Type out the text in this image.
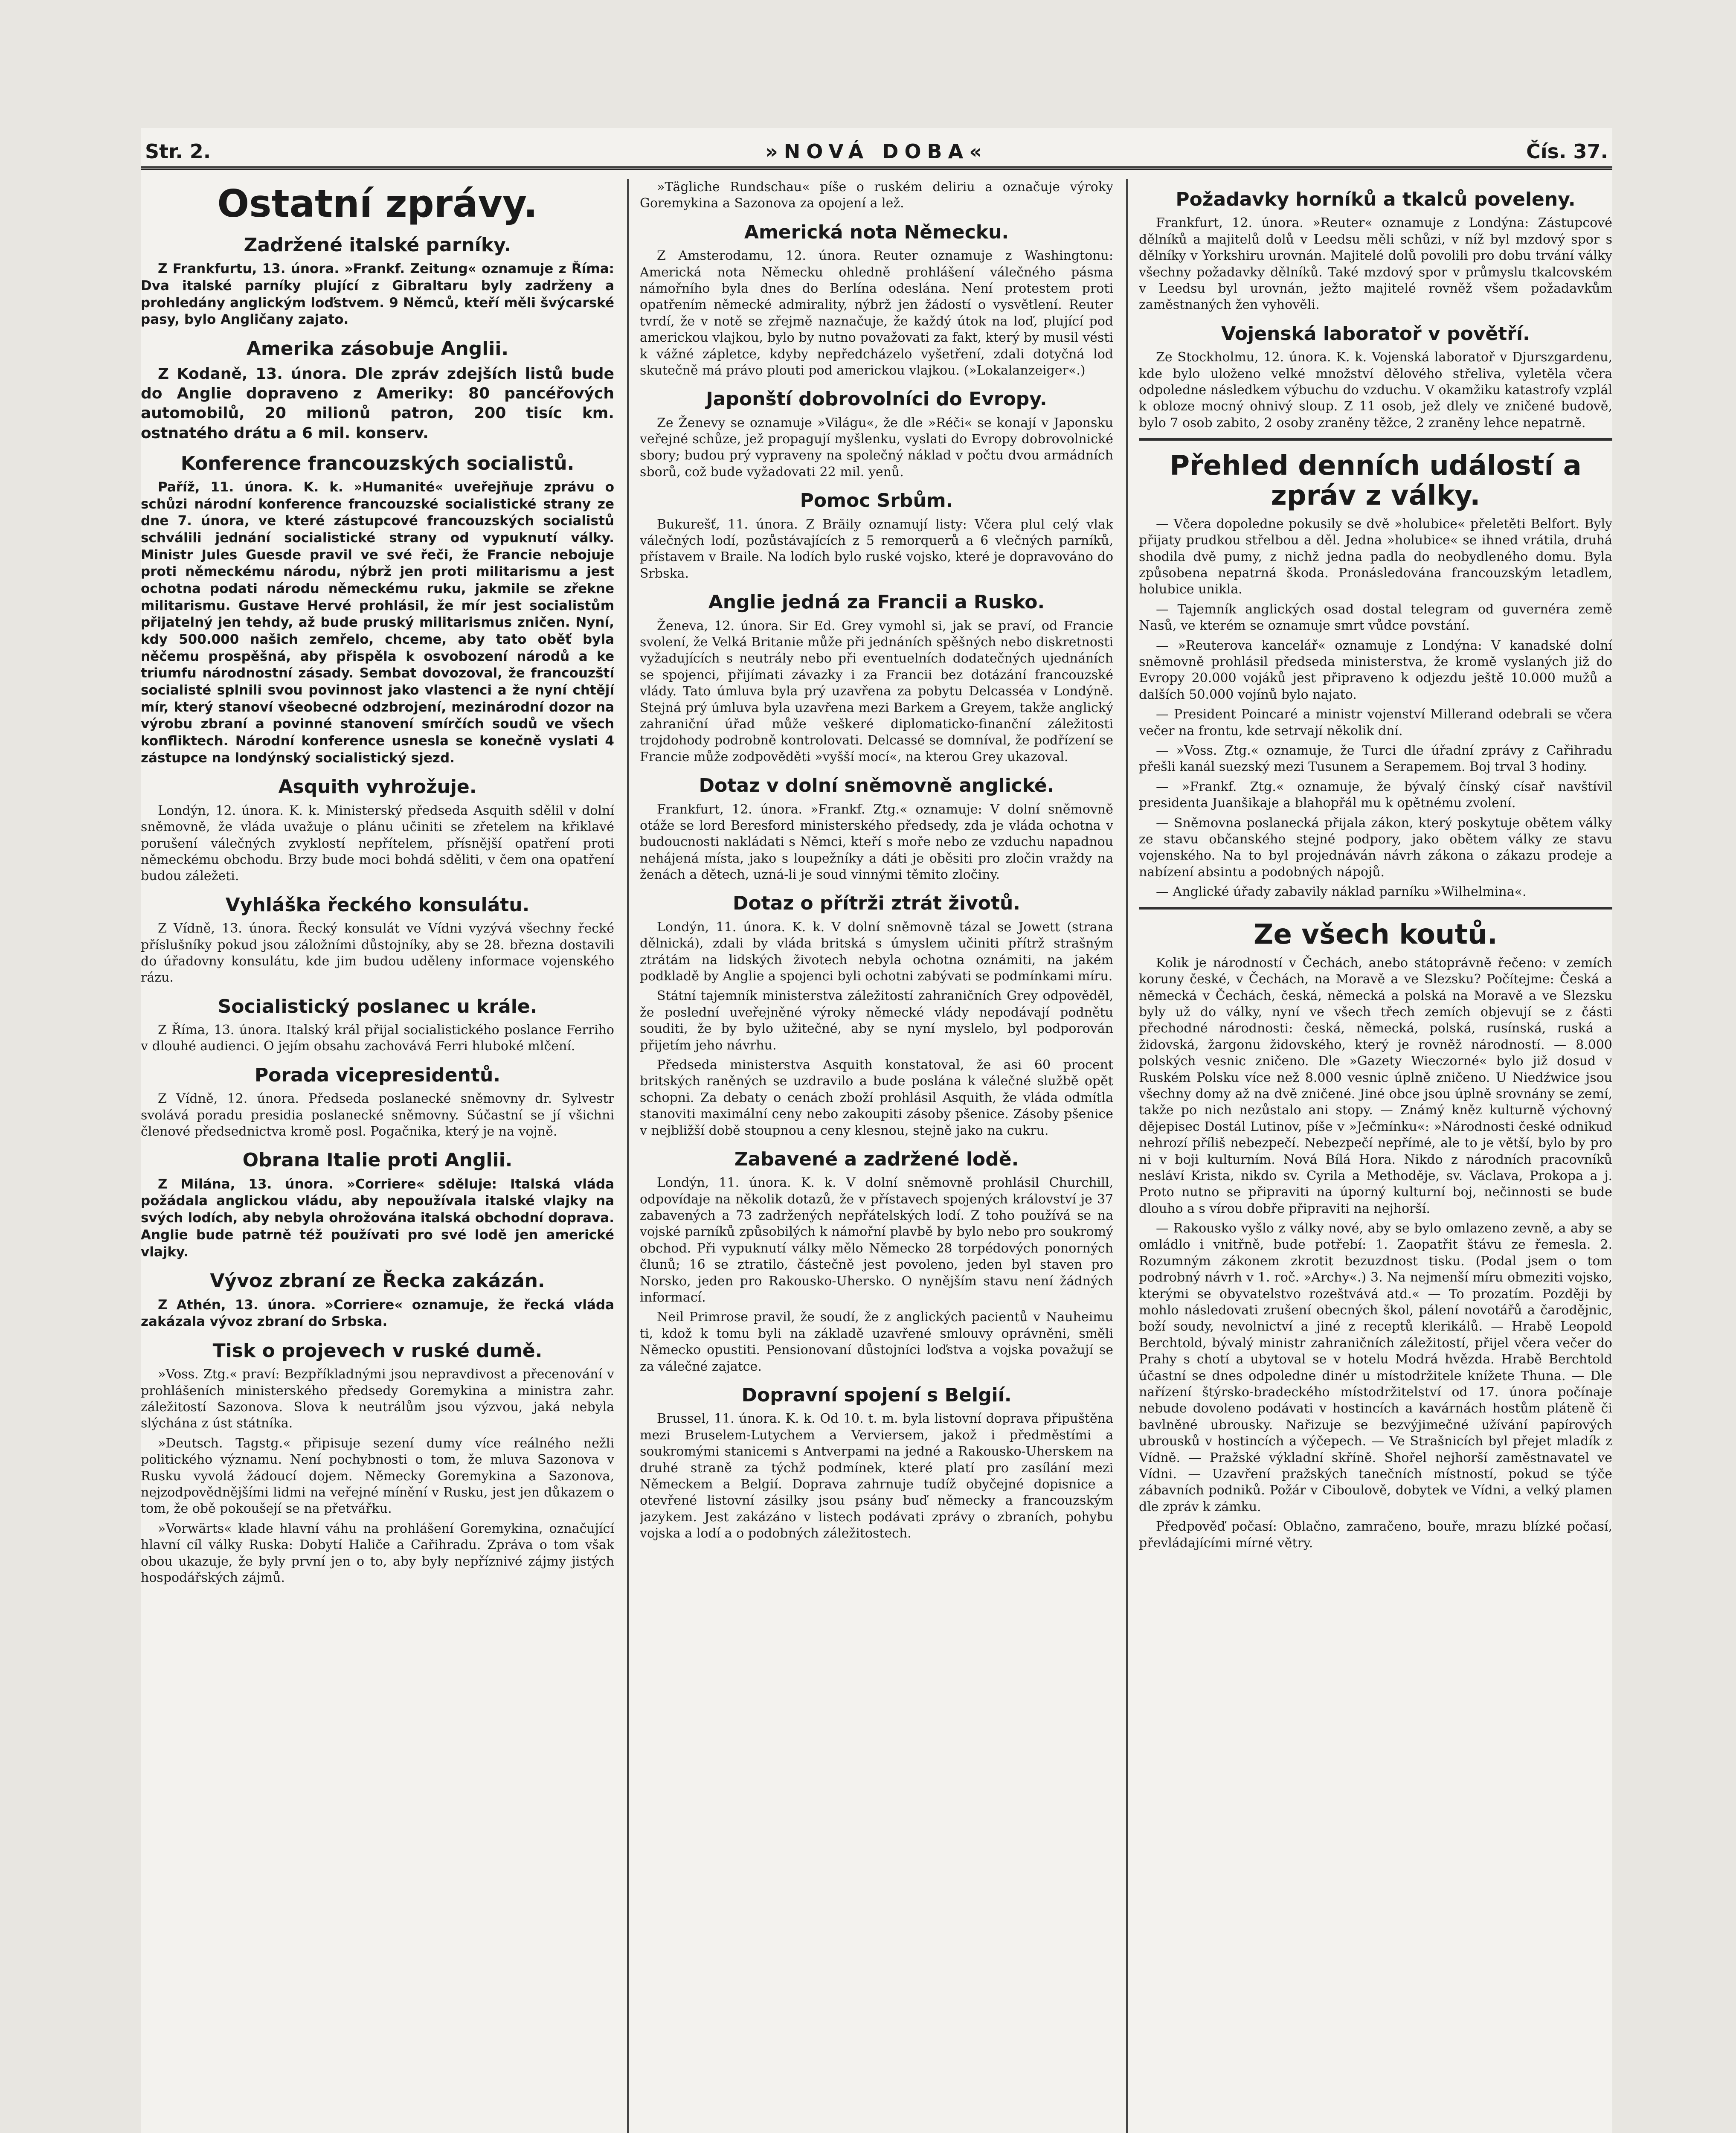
Str. 2.	»NOVÁ DOBA«	Čís. 37.
Ostatní zprávy.
Zadržené italské parníky.

Z Frankfurtu, 13. února. »Frankf. Zeitung« oznamuje z Říma: Dva italské parníky plující z Gibraltaru byly zadrženy a prohledány anglickým loďstvem. 9 Němců, kteří měli švýcarské pasy, bylo Angličany zajato.

Amerika zásobuje Anglii.

Z Kodaně, 13. února. Dle zpráv zdejších listů bude do Anglie dopraveno z Ameriky: 80 pancéřových automobilů, 20 milionů patron, 200 tisíc km. ostnatého drátu a 6 mil. konserv.

Konference francouzských socialistů.

Paříž, 11. února. K. k. »Humanité« uveřejňuje zprávu o schůzi národní konference francouzské socialistické strany ze dne 7. února, ve které zástupcové francouzských socialistů schválili jednání socialistické strany od vypuknutí války. Ministr Jules Guesde pravil ve své řeči, že Francie nebojuje proti německému národu, nýbrž jen proti militarismu a jest ochotna podati národu německému ruku, jakmile se zřekne militarismu. Gustave Hervé prohlásil, že mír jest socialistům přijatelný jen tehdy, až bude pruský militarismus zničen. Nyní, kdy 500.000 našich zemřelo, chceme, aby tato oběť byla něčemu prospěšná, aby přispěla k osvobození národů a ke triumfu národnostní zásady. Sembat dovozoval, že francouzští socialisté splnili svou povinnost jako vlastenci a že nyní chtějí mír, který stanoví všeobecné odzbrojení, mezinárodní dozor na výrobu zbraní a povinné stanovení smírčích soudů ve všech konfliktech. Národní konference usnesla se konečně vyslati 4 zástupce na londýnský socialistický sjezd.

Asquith vyhrožuje.

Londýn, 12. února. K. k. Ministerský předseda Asquith sdělil v dolní sněmovně, že vláda uvažuje o plánu učiniti se zřetelem na křiklavé porušení válečných zvyklostí nepřítelem, přísnější opatření proti německému obchodu. Brzy bude moci bohdá sděliti, v čem ona opatření budou záležeti.

Vyhláška řeckého konsulátu.

Z Vídně, 13. února. Řecký konsulát ve Vídni vyzývá všechny řecké příslušníky pokud jsou záložními důstojníky, aby se 28. března dostavili do úřadovny konsulátu, kde jim budou uděleny informace vojenského rázu.

Socialistický poslanec u krále.

Z Říma, 13. února. Italský král přijal socialistického poslance Ferriho v dlouhé audienci. O jejím obsahu zachovává Ferri hluboké mlčení.

Porada vicepresidentů.

Z Vídně, 12. února. Předseda poslanecké sněmovny dr. Sylvestr svolává poradu presidia poslanecké sněmovny. Súčastní se jí všichni členové předsednictva kromě posl. Pogačnika, který je na vojně.

Obrana Italie proti Anglii.

Z Milána, 13. února. »Corriere« sděluje: Italská vláda požádala anglickou vládu, aby nepoužívala italské vlajky na svých lodích, aby nebyla ohrožována italská obchodní doprava. Anglie bude patrně též používati pro své lodě jen americké vlajky.

Vývoz zbraní ze Řecka zakázán.

Z Athén, 13. února. »Corriere« oznamuje, že řecká vláda zakázala vývoz zbraní do Srbska.

Tisk o projevech v ruské dumě.

»Voss. Ztg.« praví: Bezpříkladnými jsou nepravdivost a přecenování v prohlášeních ministerského předsedy Goremykina a ministra zahr. záležitostí Sazonova. Slova k neutrálům jsou výzvou, jaká nebyla slýchána z úst státníka.

»Deutsch. Tagstg.« připisuje sezení dumy více reálného nežli politického významu. Není pochybnosti o tom, že mluva Sazonova v Rusku vyvolá žádoucí dojem. Německy Goremykina a Sazonova, nejzodpovědnějšími lidmi na veřejné mínění v Rusku, jest jen důkazem o tom, že obě pokoušejí se na přetvářku.

»Vorwärts« klade hlavní váhu na prohlášení Goremykina, označující hlavní cíl války Ruska: Dobytí Haliče a Cařihradu. Zpráva o tom však obou ukazuje, že byly první jen o to, aby byly nepříznivé zájmy jistých hospodářských zájmů.

»Tägliche Rundschau« píše o ruském deliriu a označuje výroky Goremykina a Sazonova za opojení a lež.

Americká nota Německu.

Z Amsterodamu, 12. února. Reuter oznamuje z Washingtonu: Americká nota Německu ohledně prohlášení válečného pásma námořního byla dnes do Berlína odeslána. Není protestem proti opatřením německé admirality, nýbrž jen žádostí o vysvětlení. Reuter tvrdí, že v notě se zřejmě naznačuje, že každý útok na loď, plující pod americkou vlajkou, bylo by nutno považovati za fakt, který by musil vésti k vážné zápletce, kdyby nepředcházelo vyšetření, zdali dotyčná loď skutečně má právo plouti pod americkou vlajkou. (»Lokalanzeiger«.)

Japonští dobrovolníci do Evropy.

Ze Ženevy se oznamuje »Világu«, že dle »Réči« se konají v Japonsku veřejné schůze, jež propagují myšlenku, vyslati do Evropy dobrovolnické sbory; budou prý vypraveny na společný náklad v počtu dvou armádních sborů, což bude vyžadovati 22 mil. yenů.

Pomoc Srbům.

Bukurešť, 11. února. Z Brăily oznamují listy: Včera plul celý vlak válečných lodí, pozůstávajících z 5 remorquerů a 6 vlečných parníků, přístavem v Braile. Na lodích bylo ruské vojsko, které je dopravováno do Srbska.

Anglie jedná za Francii a Rusko.

Ženeva, 12. února. Sir Ed. Grey vymohl si, jak se praví, od Francie svolení, že Velká Britanie může při jednáních spěšných nebo diskretnosti vyžadujících s neutrály nebo při eventuelních dodatečných ujednáních se spojenci, přijímati závazky i za Francii bez dotázání francouzské vlády. Tato úmluva byla prý uzavřena za pobytu Delcasséa v Londýně. Stejná prý úmluva byla uzavřena mezi Barkem a Greyem, takže anglický zahraniční úřad může veškeré diplomaticko-finanční záležitosti trojdohody podrobně kontrolovati. Delcassé se domníval, že podřízení se Francie může zodpověděti »vyšší mocí«, na kterou Grey ukazoval.

Dotaz v dolní sněmovně anglické.

Frankfurt, 12. února. »Frankf. Ztg.« oznamuje: V dolní sněmovně otáže se lord Beresford ministerského předsedy, zda je vláda ochotna v budoucnosti nakládati s Němci, kteří s moře nebo ze vzduchu napadnou nehájená místa, jako s loupežníky a dáti je oběsiti pro zločin vraždy na ženách a dětech, uzná-li je soud vinnými těmito zločiny.

Dotaz o přítrži ztrát životů.

Londýn, 11. února. K. k. V dolní sněmovně tázal se Jowett (strana dělnická), zdali by vláda britská s úmyslem učiniti přítrž strašným ztrátám na lidských životech nebyla ochotna oznámiti, na jakém podkladě by Anglie a spojenci byli ochotni zabývati se podmínkami míru.

Státní tajemník ministerstva záležitostí zahraničních Grey odpověděl, že poslední uveřejněné výroky německé vlády nepodávají podnětu souditi, že by bylo užitečné, aby se nyní myslelo, byl podporován přijetím jeho návrhu.

Předseda ministerstva Asquith konstatoval, že asi 60 procent britských raněných se uzdravilo a bude poslána k válečné službě opět schopni. Za debaty o cenách zboží prohlásil Asquith, že vláda odmítla stanoviti maximální ceny nebo zakoupiti zásoby pšenice. Zásoby pšenice v nejbližší době stoupnou a ceny klesnou, stejně jako na cukru.

Zabavené a zadržené lodě.

Londýn, 11. února. K. k. V dolní sněmovně prohlásil Churchill, odpovídaje na několik dotazů, že v přístavech spojených království je 37 zabavených a 73 zadržených nepřátelských lodí. Z toho používá se na vojské parníků způsobilých k námořní plavbě by bylo nebo pro soukromý obchod. Při vypuknutí války mělo Německo 28 torpédových ponorných člunů; 16 se ztratilo, částečně jest povoleno, jeden byl staven pro Norsko, jeden pro Rakousko-Uhersko. O nynějším stavu není žádných informací.

Neil Primrose pravil, že soudí, že z anglických pacientů v Nauheimu ti, kdož k tomu byli na základě uzavřené smlouvy oprávněni, směli Německo opustiti. Pensionovaní důstojníci loďstva a vojska považují se za válečné zajatce.

Dopravní spojení s Belgií.

Brussel, 11. února. K. k. Od 10. t. m. byla listovní doprava připuštěna mezi Bruselem-Lutychem a Verviersem, jakož i předměstími a soukromými stanicemi s Antverpami na jedné a Rakousko-Uherskem na druhé straně za týchž podmínek, které platí pro zasílání mezi Německem a Belgií. Doprava zahrnuje tudíž obyčejné dopisnice a otevřené listovní zásilky jsou psány buď německy a francouzským jazykem. Jest zakázáno v listech podávati zprávy o zbraních, pohybu vojska a lodí a o podobných záležitostech.

Požadavky horníků a tkalců poveleny.

Frankfurt, 12. února. »Reuter« oznamuje z Londýna: Zástupcové dělníků a majitelů dolů v Leedsu měli schůzi, v níž byl mzdový spor s dělníky v Yorkshiru urovnán. Majitelé dolů povolili pro dobu trvání války všechny požadavky dělníků. Také mzdový spor v průmyslu tkalcovském v Leedsu byl urovnán, ježto majitelé rovněž všem požadavkům zaměstnaných žen vyhověli.

Vojenská laboratoř v povětří.

Ze Stockholmu, 12. února. K. k. Vojenská laboratoř v Djurszgardenu, kde bylo uloženo velké množství dělového střeliva, vyletěla včera odpoledne následkem výbuchu do vzduchu. V okamžiku katastrofy vzplál k obloze mocný ohnivý sloup. Z 11 osob, jež dlely ve zničené budově, bylo 7 osob zabito, 2 osoby zraněny těžce, 2 zraněny lehce nepatrně.

Přehled denních událostí a zpráv z války.

— Včera dopoledne pokusily se dvě »holubice« přeletěti Belfort. Byly přijaty prudkou střelbou a děl. Jedna »holubice« se ihned vrátila, druhá shodila dvě pumy, z nichž jedna padla do neobydleného domu. Byla způsobena nepatrná škoda. Pronásledována francouzským letadlem, holubice unikla.

— Tajemník anglických osad dostal telegram od guvernéra země Nasů, ve kterém se oznamuje smrt vůdce povstání.

— »Reuterova kancelář« oznamuje z Londýna: V kanadské dolní sněmovně prohlásil předseda ministerstva, že kromě vyslaných již do Evropy 20.000 vojáků jest připraveno k odjezdu ještě 10.000 mužů a dalších 50.000 vojínů bylo najato.

— President Poincaré a ministr vojenství Millerand odebrali se včera večer na frontu, kde setrvají několik dní.

— »Voss. Ztg.« oznamuje, že Turci dle úřadní zprávy z Cařihradu přešli kanál suezský mezi Tusunem a Serapemem. Boj trval 3 hodiny.

— »Frankf. Ztg.« oznamuje, že bývalý čínský císař navštívil presidenta Juanšikaje a blahopřál mu k opětnému zvolení.

— Sněmovna poslanecká přijala zákon, který poskytuje obětem války ze stavu občanského stejné podpory, jako obětem války ze stavu vojenského. Na to byl projednáván návrh zákona o zákazu prodeje a nabízení absintu a podobných nápojů.

— Anglické úřady zabavily náklad parníku »Wilhelmina«.

Ze všech koutů.

Kolik je národností v Čechách, anebo státoprávně řečeno: v zemích koruny české, v Čechách, na Moravě a ve Slezsku? Počítejme: Česká a německá v Čechách, česká, německá a polská na Moravě a ve Slezsku byly už do války, nyní ve všech třech zemích objevují se z části přechodné národnosti: česká, německá, polská, rusínská, ruská a židovská, žargonu židovského, který je rovněž národností. — 8.000 polských vesnic zničeno. Dle »Gazety Wieczorné« bylo již dosud v Ruském Polsku více než 8.000 vesnic úplně zničeno. U Niedźwice jsou všechny domy až na dvě zničené. Jiné obce jsou úplně srovnány se zemí, takže po nich nezůstalo ani stopy. — Známý kněz kulturně výchovný dějepisec Dostál Lutinov, píše v »Ječmínku«: »Národnosti české odnikud nehrozí příliš nebezpečí. Nebezpečí nepřímé, ale to je větší, bylo by pro ni v boji kulturním. Nová Bílá Hora. Nikdo z národních pracovníků nesláví Krista, nikdo sv. Cyrila a Methoděje, sv. Václava, Prokopa a j. Proto nutno se připraviti na úporný kulturní boj, nečinnosti se bude dlouho a s vírou dobře připraviti na nejhorší.

— Rakousko vyšlo z války nové, aby se bylo omlazeno zevně, a aby se omládlo i vnitřně, bude potřebí: 1. Zaopatřit štávu ze řemesla. 2. Rozumným zákonem zkrotit bezuzdnost tisku. (Podal jsem o tom podrobný návrh v 1. roč. »Archy«.) 3. Na nejmenší míru obmeziti vojsko, kterými se obyvatelstvo rozeštvává atd.« — To prozatím. Později by mohlo následovati zrušení obecných škol, pálení novotářů a čarodějnic, boží soudy, nevolnictví a jiné z receptů klerikálů. — Hrabě Leopold Berchtold, bývalý ministr zahraničních záležitostí, přijel včera večer do Prahy s chotí a ubytoval se v hotelu Modrá hvězda. Hrabě Berchtold účastní se dnes odpoledne dinér u místodržitele knížete Thuna. — Dle nařízení štýrsko-bradeckého místodržitelství od 17. února počínaje nebude dovoleno podávati v hostincích a kavárnách hostům pláteně či bavlněné ubrousky. Nařizuje se bezvýjimečné užívání papírových ubrousků v hostincích a výčepech. — Ve Strašnicích byl přejet mladík z Vídně. — Pražské výkladní skříně. Shořel nejhorší zaměstnavatel ve Vídni. — Uzavření pražských tanečních místností, pokud se týče zábavních podniků. Požár v Ciboulově, dobytek ve Vídni, a velký plamen dle zpráv k zámku.

Předpověď počasí: Oblačno, zamračeno, bouře, mrazu blízké počasí, převládajícími mírné větry.
